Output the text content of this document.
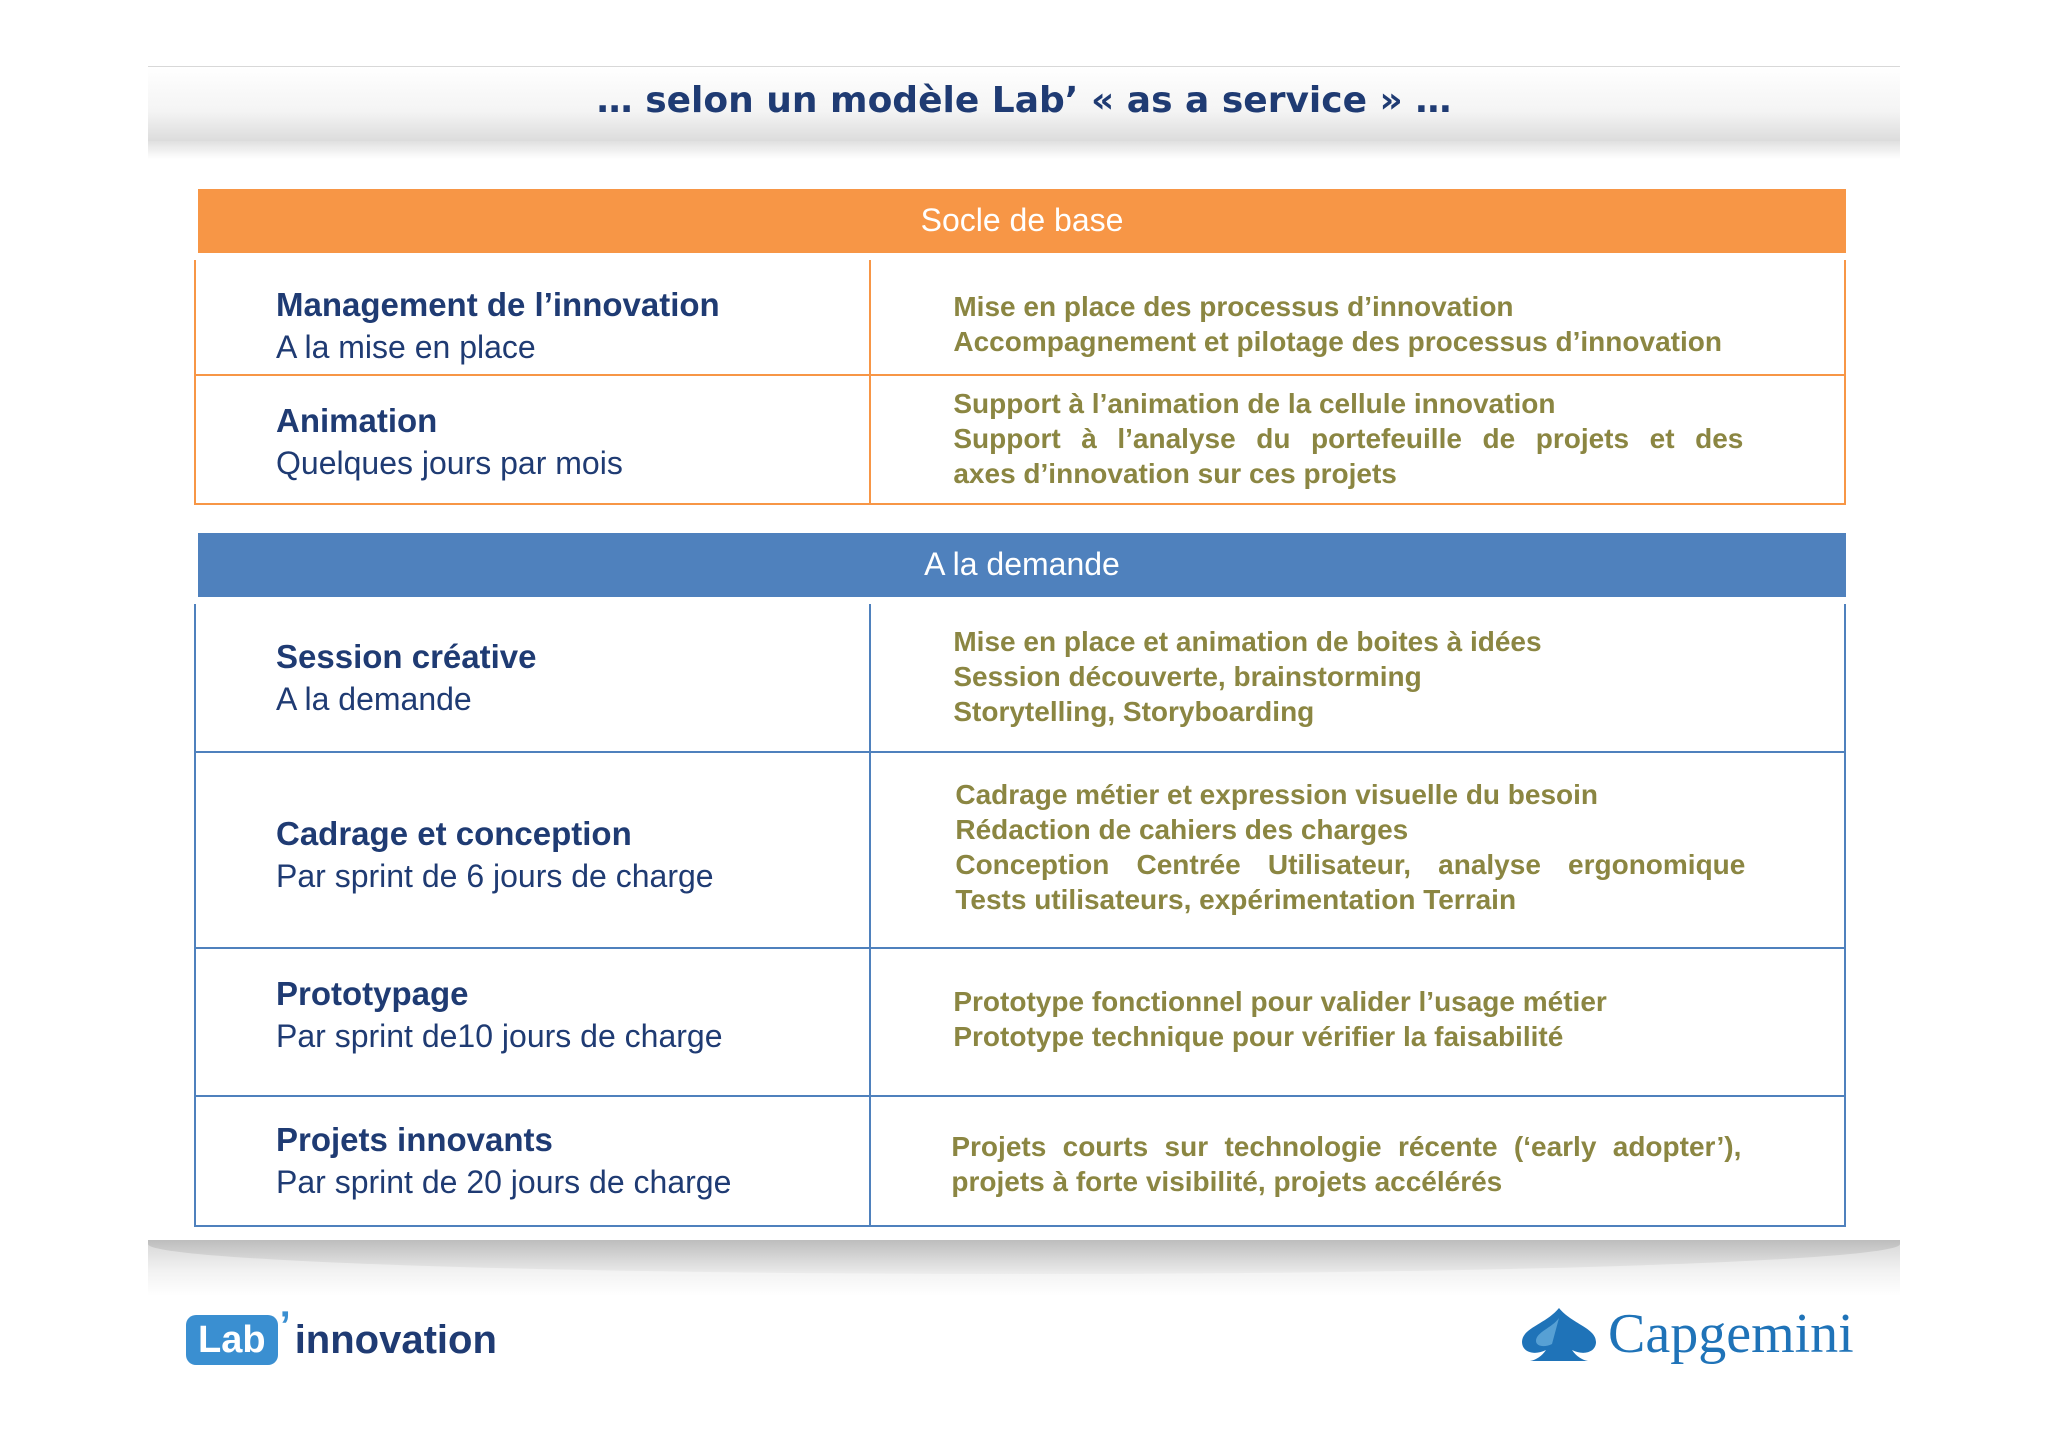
… selon un modèle Lab’ « as a service » …
Socle de base
Management de l’innovation
A la mise en place
Mise en place des processus d’innovation
Accompagnement et pilotage des processus d’innovation
Animation
Quelques jours par mois
Support à l’animation de la cellule innovation
Support à l’analyse du portefeuille de projets et des
axes d’innovation sur ces projets
A la demande
Session créative
A la demande
Mise en place et animation de boites à idées
Session découverte, brainstorming
Storytelling, Storyboarding
Cadrage et conception
Par sprint de 6 jours de charge
Cadrage métier et expression visuelle du besoin
Rédaction de cahiers des charges
Conception Centrée Utilisateur, analyse ergonomique
Tests utilisateurs, expérimentation Terrain
Prototypage
Par sprint de10 jours de charge
Prototype fonctionnel pour valider l’usage métier
Prototype technique pour vérifier la faisabilité
Projets innovants
Par sprint de 20 jours de charge
Projets courts sur technologie récente (‘early adopter’),
projets à forte visibilité, projets accélérés
Lab ’ innovation	Capgemini
